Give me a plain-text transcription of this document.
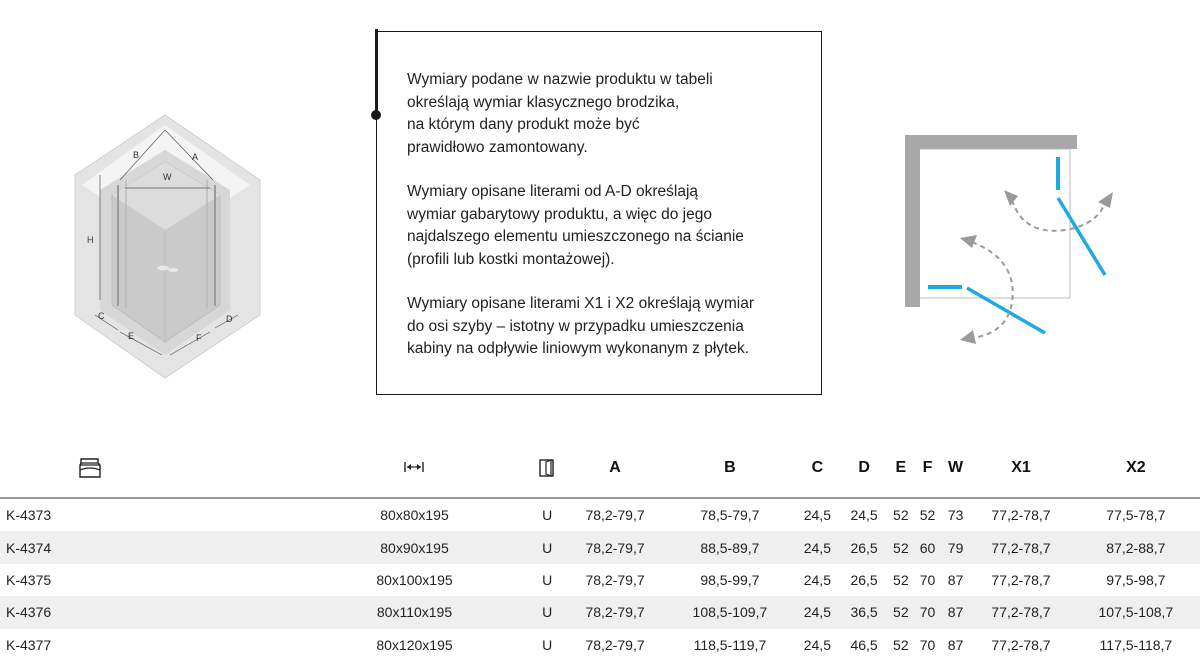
B	A
W
H
C	D
E	F

Wymiary podane w nazwie produktu w tabeli
określają wymiar klasycznego brodzika,
na którym dany produkt może być
prawidłowo zamontowany.

Wymiary opisane literami od A-D określają
wymiar gabarytowy produktu, a więc do jego
najdalszego elementu umieszczonego na ścianie
(profili lub kostki montażowej).

Wymiary opisane literami X1 i X2 określają wymiar
do osi szyby – istotny w przypadku umieszczenia
kabiny na odpływie liniowym wykonanym z płytek.

			A	B	C	D	E	F	W	X1	X2
K-4373	80x80x195	U	78,2-79,7	78,5-79,7	24,5	24,5	52	52	73	77,2-78,7	77,5-78,7
K-4374	80x90x195	U	78,2-79,7	88,5-89,7	24,5	26,5	52	60	79	77,2-78,7	87,2-88,7
K-4375	80x100x195	U	78,2-79,7	98,5-99,7	24,5	26,5	52	70	87	77,2-78,7	97,5-98,7
K-4376	80x110x195	U	78,2-79,7	108,5-109,7	24,5	36,5	52	70	87	77,2-78,7	107,5-108,7
K-4377	80x120x195	U	78,2-79,7	118,5-119,7	24,5	46,5	52	70	87	77,2-78,7	117,5-118,7
